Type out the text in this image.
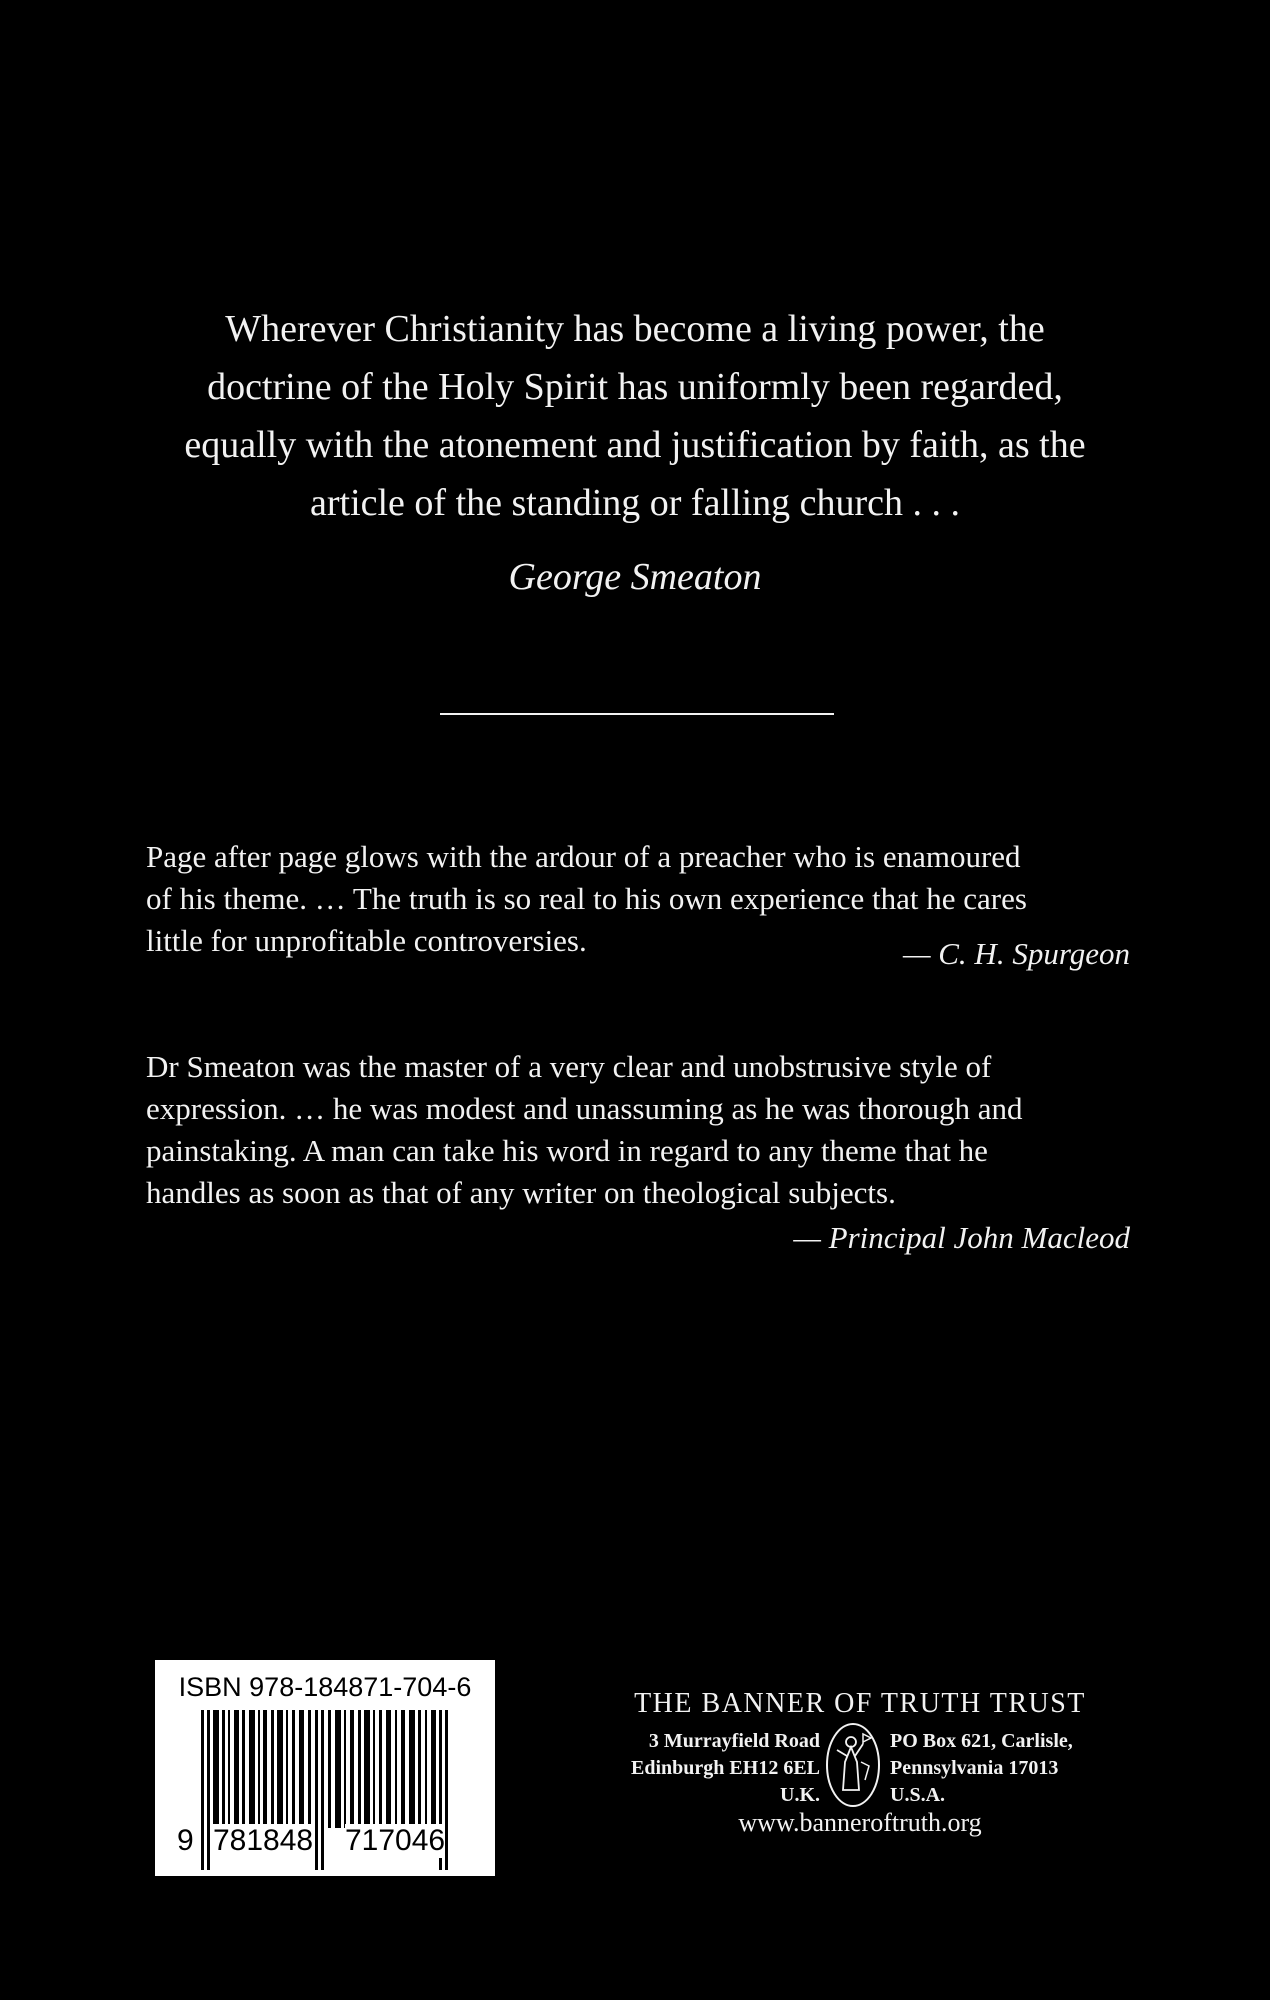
Wherever Christianity has become a living power, the
doctrine of the Holy Spirit has uniformly been regarded,
equally with the atonement and justification by faith, as the
article of the standing or falling church . . .
George Smeaton
Page after page glows with the ardour of a preacher who is enamoured
of his theme. … The truth is so real to his own experience that he cares
little for unprofitable controversies.	— C. H. Spurgeon
Dr Smeaton was the master of a very clear and unobstrusive style of
expression. … he was modest and unassuming as he was thorough and
painstaking. A man can take his word in regard to any theme that he
handles as soon as that of any writer on theological subjects.
— Principal John Macleod
ISBN 978-184871-704-6
9 781848 717046
THE BANNER OF TRUTH TRUST
3 Murrayfield Road
Edinburgh EH12 6EL
U.K.
PO Box 621, Carlisle,
Pennsylvania 17013
U.S.A.
www.banneroftruth.org
